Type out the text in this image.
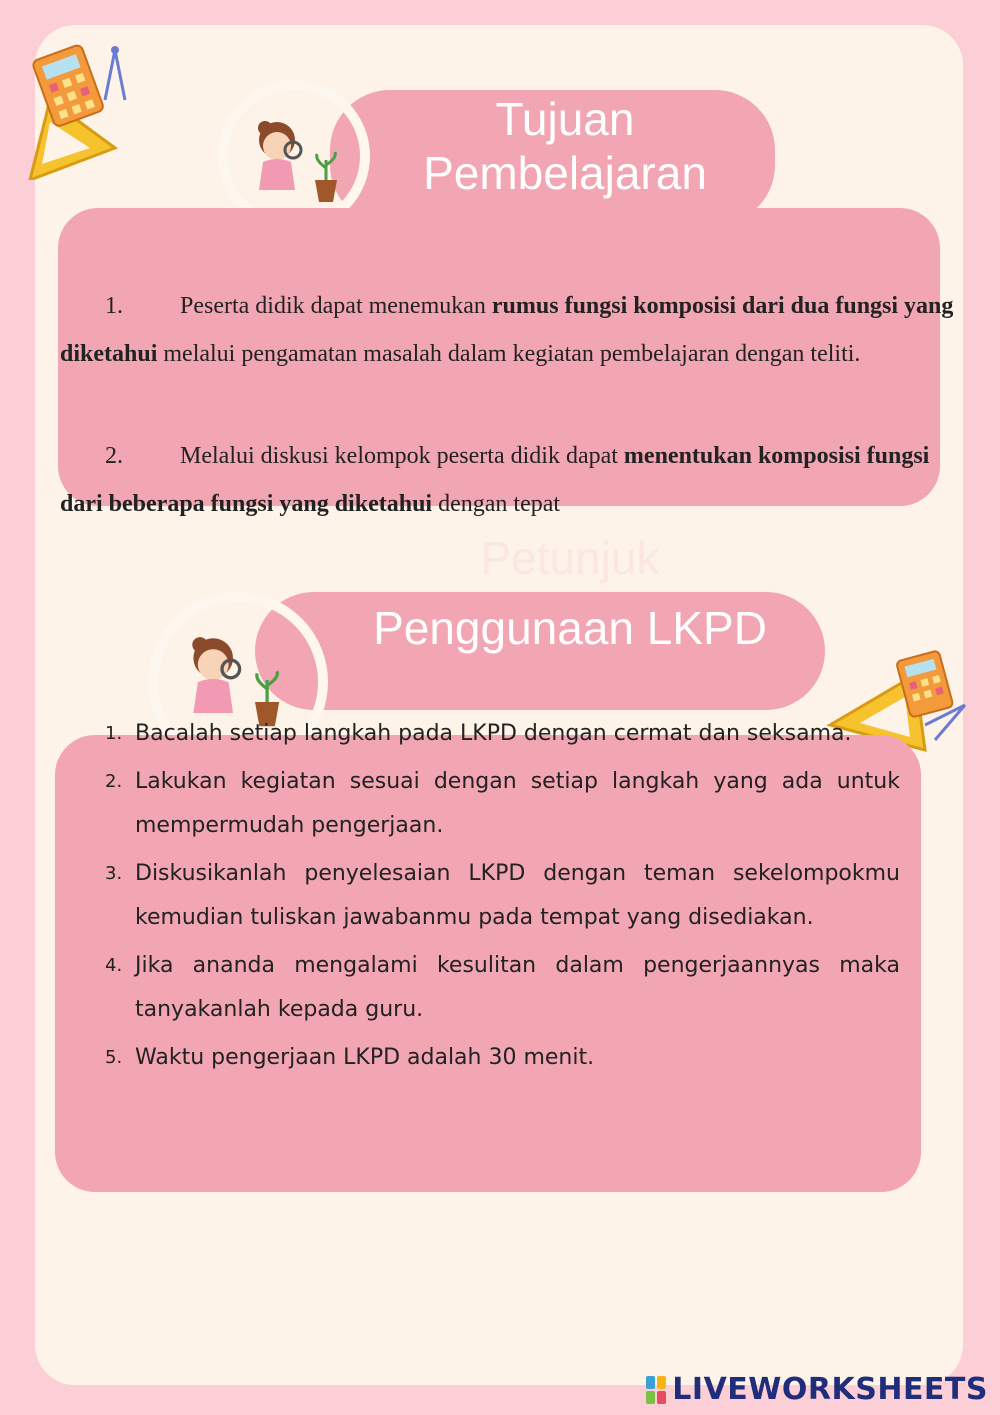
Tujuan
Pembelajaran

1. Peserta didik dapat menemukan rumus fungsi komposisi dari dua fungsi yang diketahui melalui pengamatan masalah dalam kegiatan pembelajaran dengan teliti.

2. Melalui diskusi kelompok peserta didik dapat menentukan komposisi fungsi dari beberapa fungsi yang diketahui dengan tepat

Petunjuk
Penggunaan LKPD
1. Bacalah setiap langkah pada LKPD dengan cermat dan seksama.
2. Lakukan kegiatan sesuai dengan setiap langkah yang ada untuk mempermudah pengerjaan.
3. Diskusikanlah penyelesaian LKPD dengan teman sekelompokmu kemudian tuliskan jawabanmu pada tempat yang disediakan.
4. Jika ananda mengalami kesulitan dalam pengerjaannyas maka tanyakanlah kepada guru.
5. Waktu pengerjaan LKPD adalah 30 menit.
LIVEWORKSHEETS
